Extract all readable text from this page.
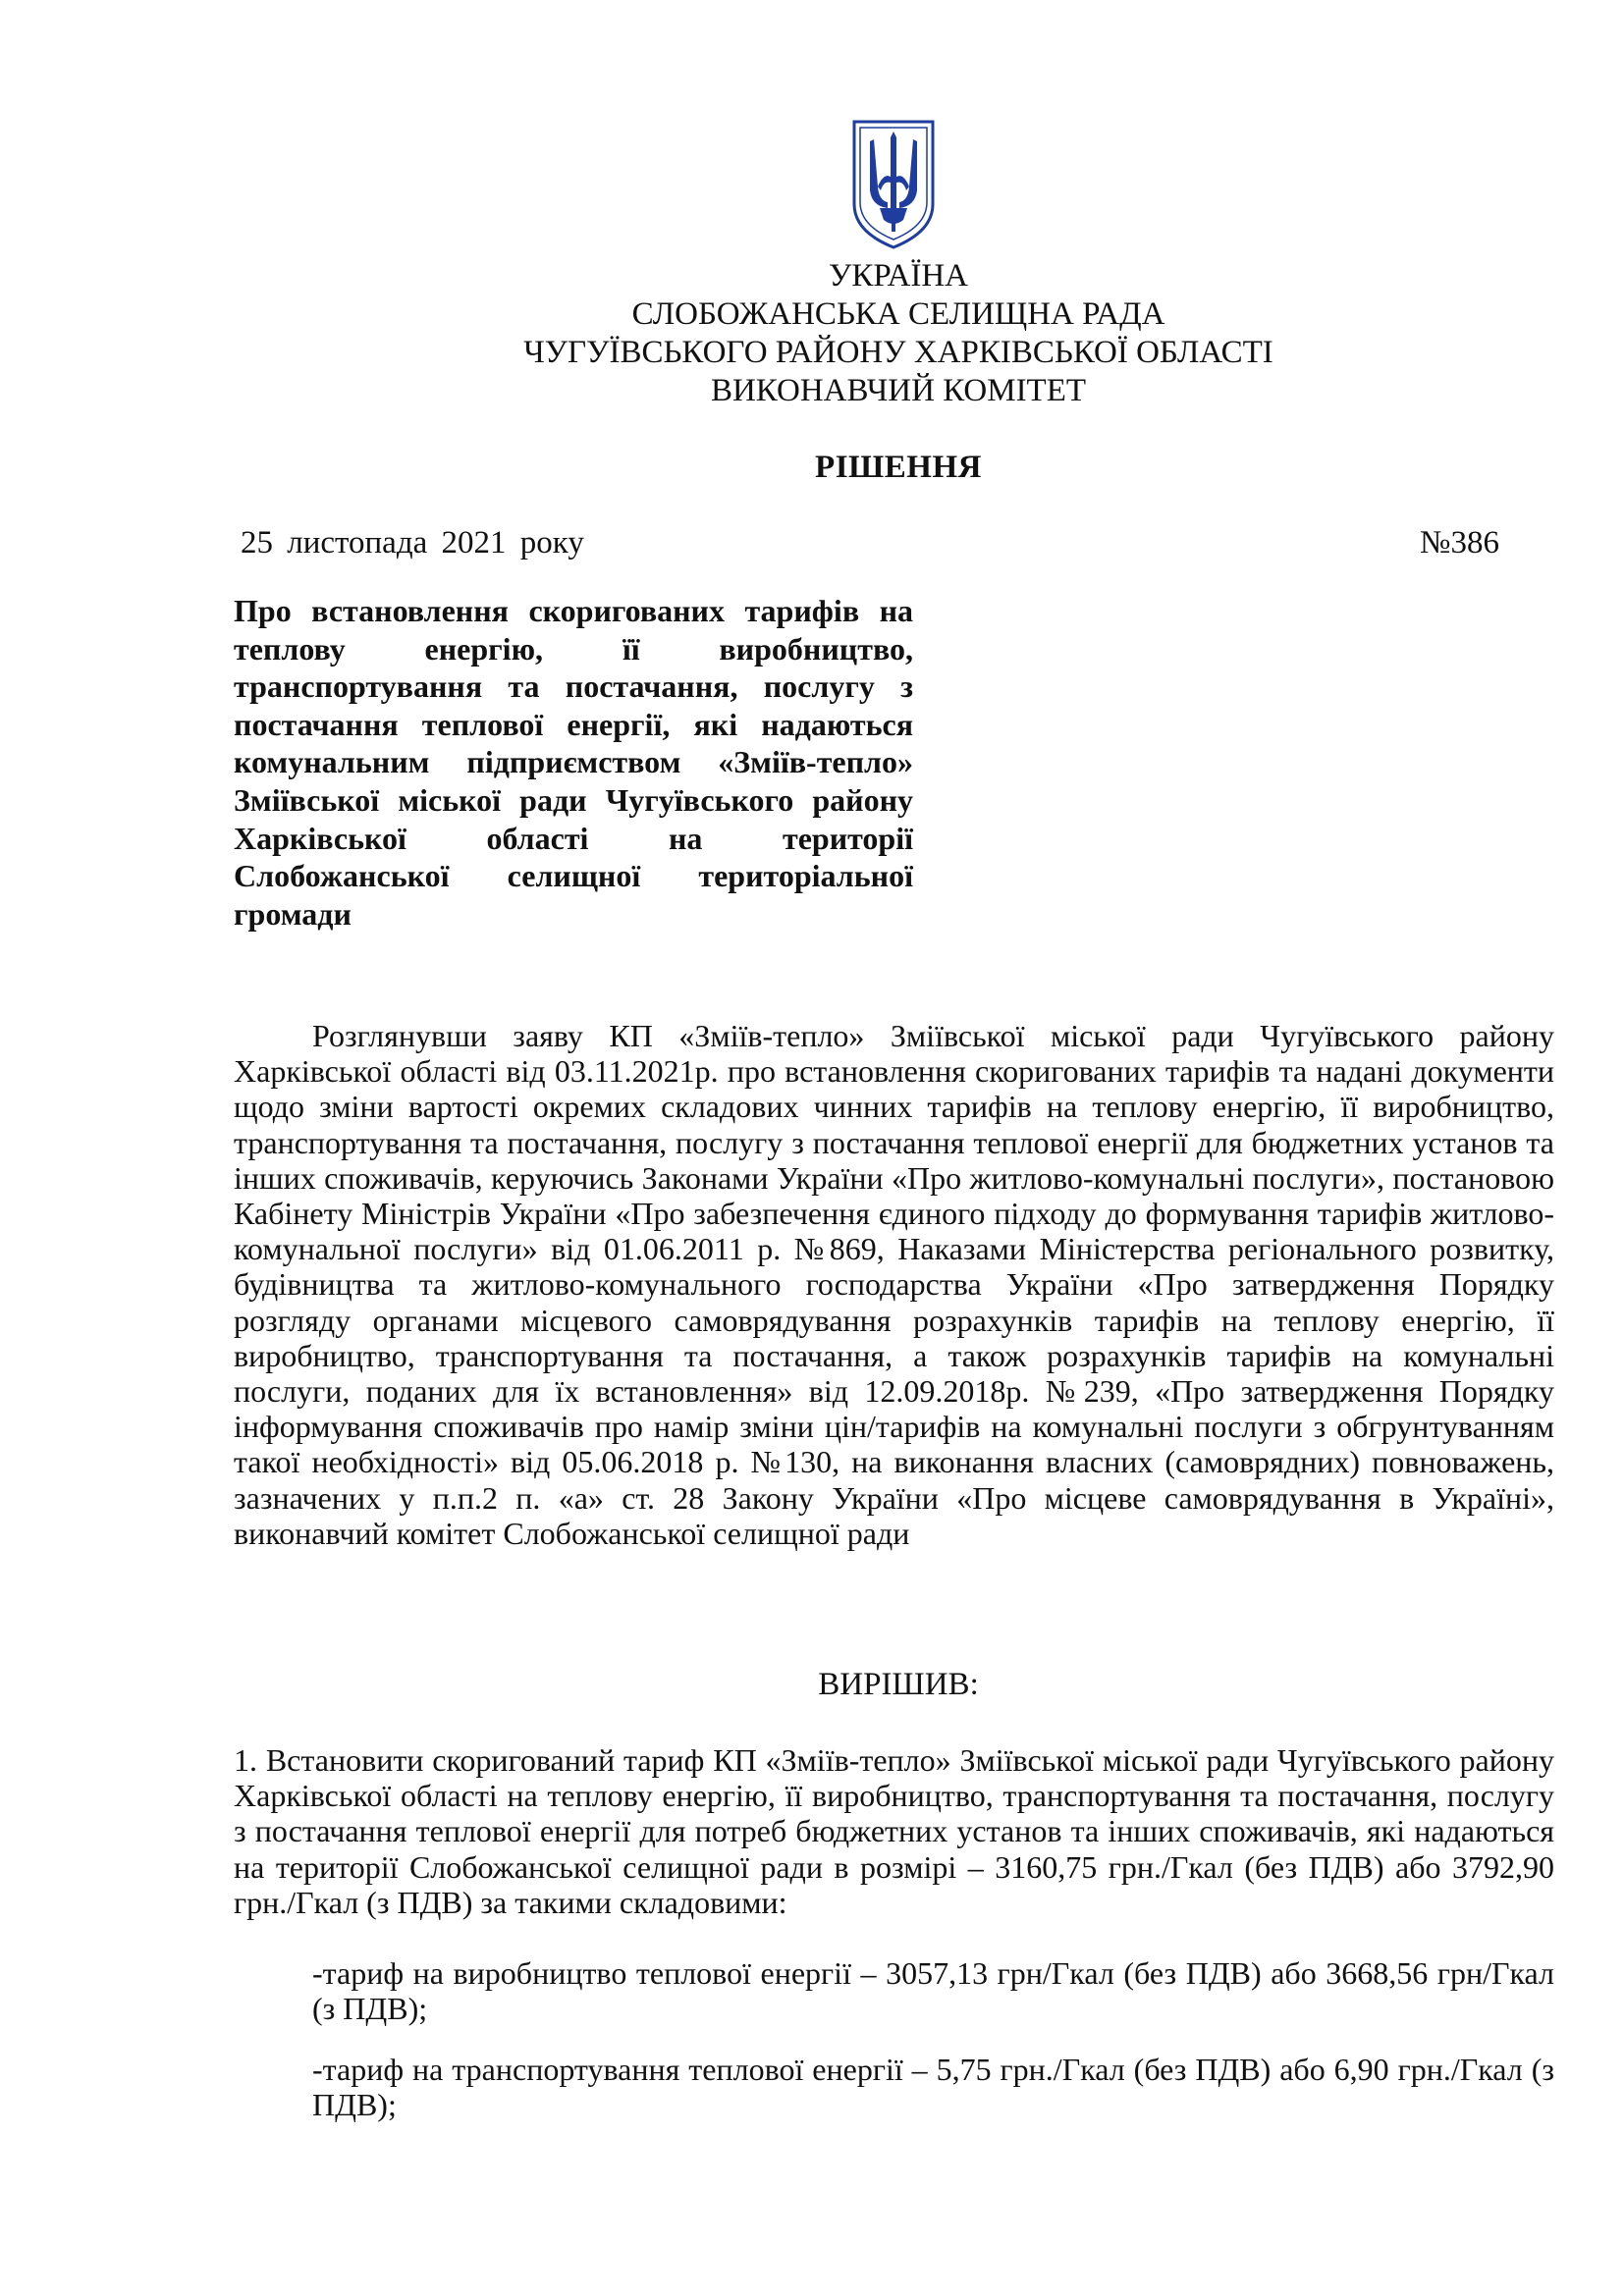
УКРАЇНА
СЛОБОЖАНСЬКА СЕЛИЩНА РАДА
ЧУГУЇВСЬКОГО РАЙОНУ ХАРКІВСЬКОЇ ОБЛАСТІ
ВИКОНАВЧИЙ КОМІТЕТ
РІШЕННЯ
25 листопада 2021 року	№386
Про встановлення скоригованих тарифів на теплову енергію, її виробництво, транспортування та постачання, послугу з постачання теплової енергії, які надаються комунальним підприємством «Зміїв-тепло» Зміївської міської ради Чугуївського району Харківської області на території Слобожанської селищної територіальної громади
Розглянувши заяву КП «Зміїв-тепло» Зміївської міської ради Чугуївського району Харківської області від 03.11.2021р. про встановлення скоригованих тарифів та надані документи щодо зміни вартості окремих складових чинних тарифів на теплову енергію, її виробництво, транспортування та постачання, послугу з постачання теплової енергії для бюджетних установ та інших споживачів, керуючись Законами України «Про житлово-комунальні послуги», постановою Кабінету Міністрів України «Про забезпечення єдиного підходу до формування тарифів житлово-комунальної послуги» від 01.06.2011 р. №869, Наказами Міністерства регіонального розвитку, будівництва та житлово-комунального господарства України «Про затвердження Порядку розгляду органами місцевого самоврядування розрахунків тарифів на теплову енергію, її виробництво, транспортування та постачання, а також розрахунків тарифів на комунальні послуги, поданих для їх встановлення» від 12.09.2018р. №239, «Про затвердження Порядку інформування споживачів про намір зміни цін/тарифів на комунальні послуги з обгрунтуванням такої необхідності» від 05.06.2018 р. №130, на виконання власних (самоврядних) повноважень, зазначених у п.п.2 п. «а» ст. 28 Закону України «Про місцеве самоврядування в Україні», виконавчий комітет Слобожанської селищної ради
ВИРІШИВ:
1. Встановити скоригований тариф КП «Зміїв-тепло» Зміївської міської ради Чугуївського району Харківської області на теплову енергію, її виробництво, транспортування та постачання, послугу з постачання теплової енергії для потреб бюджетних установ та інших споживачів, які надаються на території Слобожанської селищної ради в розмірі – 3160,75 грн./Гкал (без ПДВ) або 3792,90 грн./Гкал (з ПДВ) за такими складовими:
-тариф на виробництво теплової енергії – 3057,13 грн/Гкал (без ПДВ) або 3668,56 грн/Гкал (з ПДВ);
-тариф на транспортування теплової енергії – 5,75 грн./Гкал (без ПДВ) або 6,90 грн./Гкал (з ПДВ);
